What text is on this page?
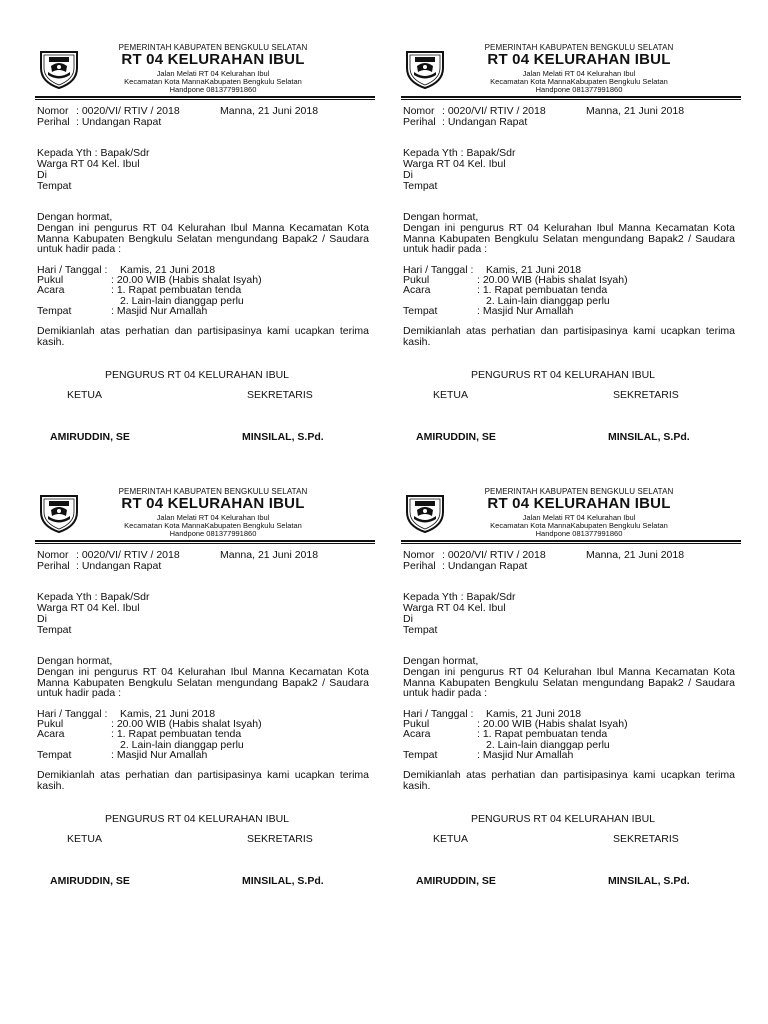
PEMERINTAH KABUPATEN BENGKULU SELATAN
RT 04 KELURAHAN IBUL
Jalan Melati RT 04 Kelurahan Ibul
Kecamatan Kota MannaKabupaten Bengkulu Selatan
Handpone 081377991860
Nomor : 0020/VI/ RTIV / 2018	Manna, 21 Juni 2018
Perihal : Undangan Rapat
Kepada Yth : Bapak/Sdr
Warga RT 04 Kel. Ibul
Di
Tempat
Dengan hormat,
Dengan ini pengurus RT 04 Kelurahan Ibul Manna Kecamatan Kota Manna Kabupaten Bengkulu Selatan mengundang Bapak2 / Saudara untuk hadir pada :
Hari / Tanggal : Kamis, 21 Juni 2018
Pukul	: 20.00 WIB (Habis shalat Isyah)
Acara	: 1. Rapat pembuatan tenda
2. Lain-lain dianggap perlu
Tempat	: Masjid Nur Amallah
Demikianlah atas perhatian dan partisipasinya kami ucapkan terima kasih.
PENGURUS RT 04 KELURAHAN IBUL
KETUA	SEKRETARIS
AMIRUDDIN, SE	MINSILAL, S.Pd.
PEMERINTAH KABUPATEN BENGKULU SELATAN
RT 04 KELURAHAN IBUL
Jalan Melati RT 04 Kelurahan Ibul
Kecamatan Kota MannaKabupaten Bengkulu Selatan
Handpone 081377991860
Nomor : 0020/VI/ RTIV / 2018	Manna, 21 Juni 2018
Perihal : Undangan Rapat
Kepada Yth : Bapak/Sdr
Warga RT 04 Kel. Ibul
Di
Tempat
Dengan hormat,
Dengan ini pengurus RT 04 Kelurahan Ibul Manna Kecamatan Kota Manna Kabupaten Bengkulu Selatan mengundang Bapak2 / Saudara untuk hadir pada :
Hari / Tanggal : Kamis, 21 Juni 2018
Pukul	: 20.00 WIB (Habis shalat Isyah)
Acara	: 1. Rapat pembuatan tenda
2. Lain-lain dianggap perlu
Tempat	: Masjid Nur Amallah
Demikianlah atas perhatian dan partisipasinya kami ucapkan terima kasih.
PENGURUS RT 04 KELURAHAN IBUL
KETUA	SEKRETARIS
AMIRUDDIN, SE	MINSILAL, S.Pd.
PEMERINTAH KABUPATEN BENGKULU SELATAN
RT 04 KELURAHAN IBUL
Jalan Melati RT 04 Kelurahan Ibul
Kecamatan Kota MannaKabupaten Bengkulu Selatan
Handpone 081377991860
Nomor : 0020/VI/ RTIV / 2018	Manna, 21 Juni 2018
Perihal : Undangan Rapat
Kepada Yth : Bapak/Sdr
Warga RT 04 Kel. Ibul
Di
Tempat
Dengan hormat,
Dengan ini pengurus RT 04 Kelurahan Ibul Manna Kecamatan Kota Manna Kabupaten Bengkulu Selatan mengundang Bapak2 / Saudara untuk hadir pada :
Hari / Tanggal : Kamis, 21 Juni 2018
Pukul	: 20.00 WIB (Habis shalat Isyah)
Acara	: 1. Rapat pembuatan tenda
2. Lain-lain dianggap perlu
Tempat	: Masjid Nur Amallah
Demikianlah atas perhatian dan partisipasinya kami ucapkan terima kasih.
PENGURUS RT 04 KELURAHAN IBUL
KETUA	SEKRETARIS
AMIRUDDIN, SE	MINSILAL, S.Pd.
PEMERINTAH KABUPATEN BENGKULU SELATAN
RT 04 KELURAHAN IBUL
Jalan Melati RT 04 Kelurahan Ibul
Kecamatan Kota MannaKabupaten Bengkulu Selatan
Handpone 081377991860
Nomor : 0020/VI/ RTIV / 2018	Manna, 21 Juni 2018
Perihal : Undangan Rapat
Kepada Yth : Bapak/Sdr
Warga RT 04 Kel. Ibul
Di
Tempat
Dengan hormat,
Dengan ini pengurus RT 04 Kelurahan Ibul Manna Kecamatan Kota Manna Kabupaten Bengkulu Selatan mengundang Bapak2 / Saudara untuk hadir pada :
Hari / Tanggal : Kamis, 21 Juni 2018
Pukul	: 20.00 WIB (Habis shalat Isyah)
Acara	: 1. Rapat pembuatan tenda
2. Lain-lain dianggap perlu
Tempat	: Masjid Nur Amallah
Demikianlah atas perhatian dan partisipasinya kami ucapkan terima kasih.
PENGURUS RT 04 KELURAHAN IBUL
KETUA	SEKRETARIS
AMIRUDDIN, SE	MINSILAL, S.Pd.
